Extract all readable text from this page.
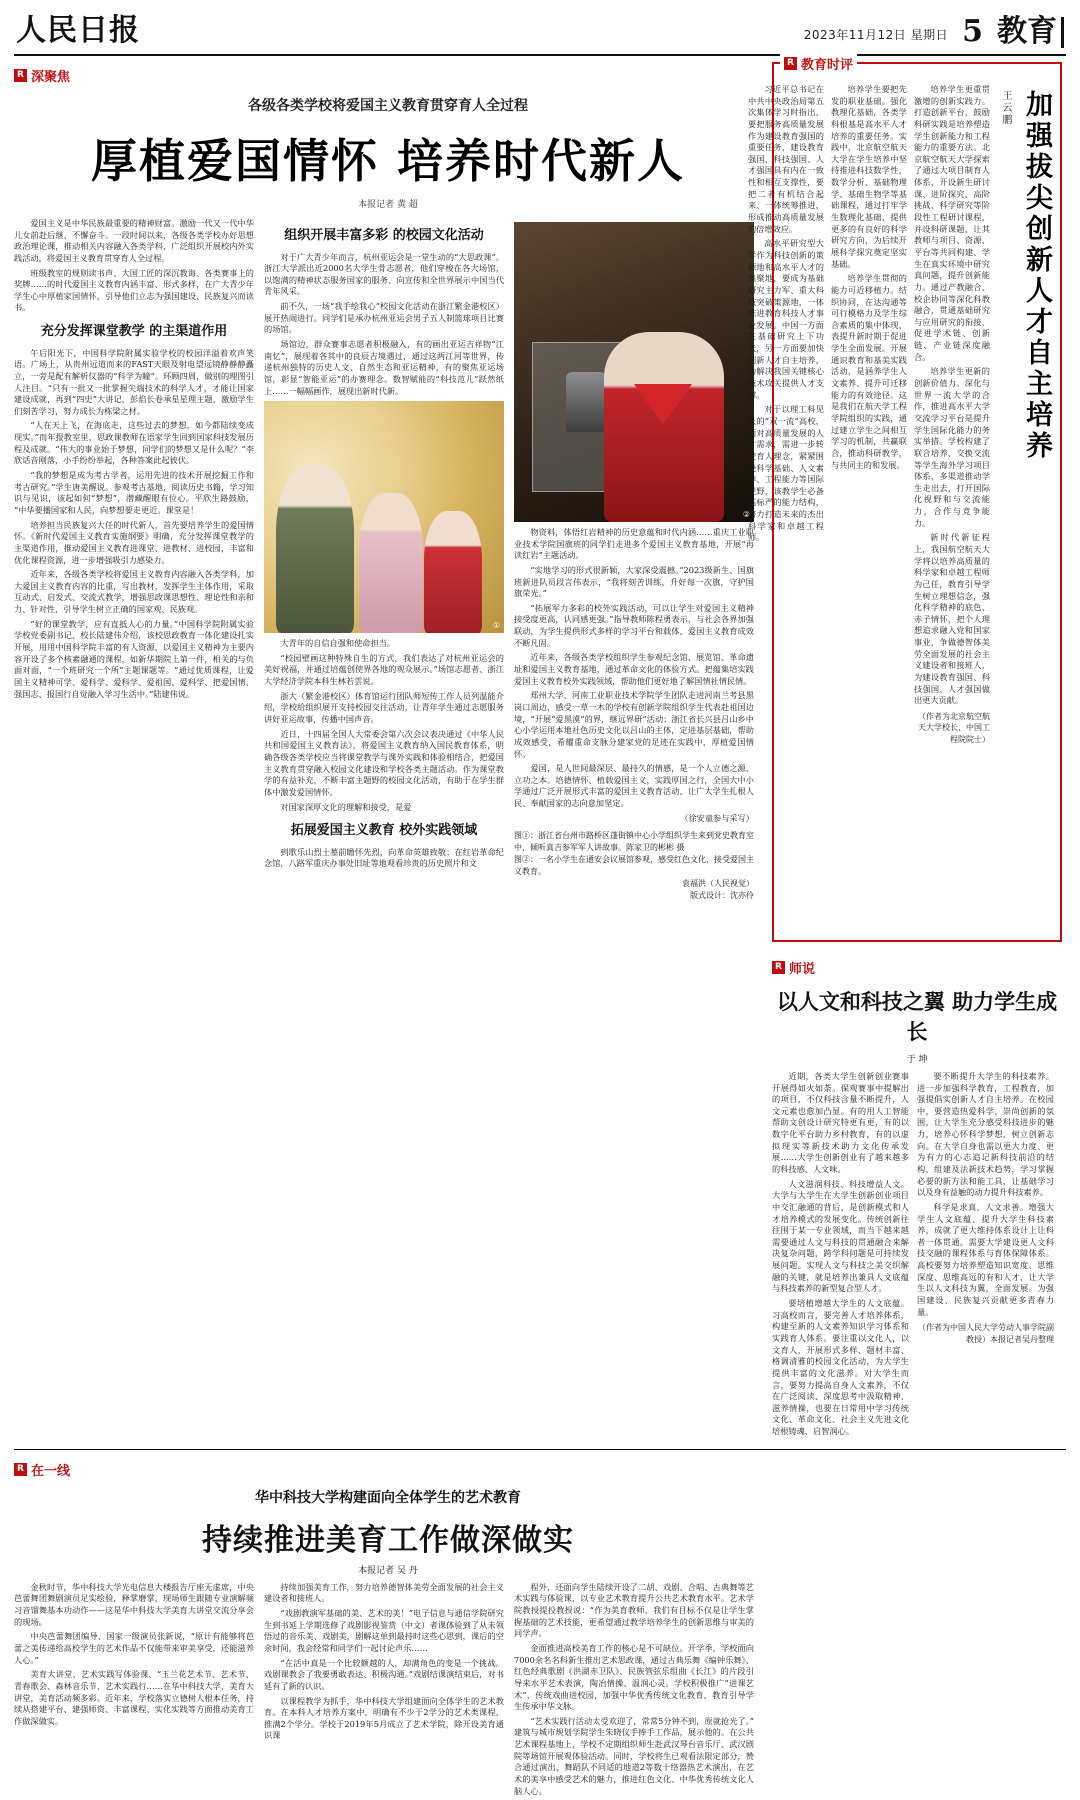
人民日报	2023年11月12日 星期日 5 教育
R 深聚焦
各级各类学校将爱国主义教育贯穿育人全过程
厚植爱国情怀 培养时代新人
本报记者 黄 超

爱国主义是中华民族最重要的精神财富。激励一代又一代中华儿女前赴后继、不懈奋斗。一段时间以来，各级各类学校办好思想政治理论课，推动相关内容融入各类学科，广泛组织开展校内外实践活动，将爱国主义教育贯穿育人全过程。

班级教室的规则读书声、大国工匠的深沉教诲、各类赛事上的奖牌……的时代爱国主义教育内涵丰富、形式多样，在广大青少年学生心中厚植家国情怀，引导他们立志为强国建设、民族复兴而读书。

充分发挥课堂教学 的主渠道作用

午后阳光下，中国科学院附属实验学校的校园洋溢着欢声笑语。广场上，从贵州远道而来的FAST天眼及射电望远镜静静静矗立，一旁是配有解析仪器的“科学为瞳”。环顾四周，做别的理图引人注目。“只有一批又一批掌握尖端技术的科学人才，才能让国家建设成就，再到“四史”大讲记，彭焰长卷承星星理主题，激励学生们刻苦学习，努力成长为栋梁之材。

“人在天上飞，在海底走，这些过去的梦想，如今都陆续变成现实。”而年报教室里，思政课教师在语家学生回到国家科技发展历程及成就。“伟大的事业始于梦想，同学们的梦想又是什么呢？”李欣话音刚落，小手纷纷举起，各种答案此起彼伏。

“我的梦想是成为考古学者，运用先进的技术开展挖掘工作和考古研究。”学生唐美醒说。参观考古基地，阅读历史书籍，学习知识与见识，该起如何“梦想”，潜藏醒眼有位心。平欣生路鼓励，“中华要播国家和人民，向梦想要走更近。课堂是！

培养担当民族复兴大任的时代新人，首先要培养学生的爱国情怀。《新时代爱国主义教育实施纲要》明确，充分发挥课堂教学的主渠道作用，推动爱国主义教育进课堂、进教材、进校园，丰富和优化课程资源，进一步增强吸引力感染力。

近年来，各级各类学校将爱国主义教育内容融入各类学科，加大爱国主义教育内容的比重，写出教材，发挥学生主体作用，采取互动式、启发式、交流式教学，增强思政课思想性、理论性和亲和力、针对性，引导学生树立正确的国家观、民族观。

“好的课堂教学，应有直抵人心的力量。”中国科学院附属实验学校党委副书记、校长陆建伟介绍，该校思政教育一体化建设扎实开展，用用中国科学院丰富的有人资源，以爱国主义精神为主要内容开设了多个核素融通的课程，如新华期院上第一件，相关的与负面对面，“一个班研究一个所”主题课题等。“通过优质课程，让爱国主义精神可学、爱科学、爱科学、爱祖国、爱科学、把爱国情、强国志、报国行自觉融入学习生活中。”陆建伟说。

组织开展丰富多彩 的校园文化活动

对于广大青少年而言，杭州亚运会是一堂生动的“大思政课”。浙江大学派出近2000名大学生骨志愿者，他们穿梭在各大场馆，以饱满的精神状态服务国家的服务、向宣传和全世界展示中国当代青年风采。

前不久，一场“我手绘我心”校园文化活动在浙江繁金港校区）展开热闹进行。同学们是承办杭州亚运会男子五人制篮球项目比赛的场馆。

场馆边，群众赛事志愿者积极融入，有的画出亚运吉祥物“江南忆”，展现着各其中的良辰吉境遇过，通过这两江河等世界，传递杭州独特的历史人文、自然生态和亚运精神，有的聚焦亚运场馆，彰显“智能亚运”的办赛理念。数智赋能的“科技范儿”跃然纸上……一幅幅画作，展现出新时代新。

①

大青年的自信自强和使命担当。

“校园壁画这种特殊自生的方式，我们表达了对杭州亚运会的美好祝福，并通过培蕴创使界各地的观众展示。”场馆志愿者、浙江大学经济学院本科生林若雲说。

浙大（繁金港校区）体育馆运行团队师短传工作人员列温能介绍，学校给组织展开支持校园交往活动，让青年学生通过志愿服务讲好亚运故事，传播中国声音。

近日，十四届全国人大常委会第六次会议表决通过《中华人民共和国爱国主义教育法》，将爱国主义教育纳入国民教育体系，明确各级各类学校应当将课堂教学与课外实践和体验相结合，把爱国主义教育贯穿融入校园文化建设和学校各类主题活动。作为课堂教学的有益补充，不断丰富主题野的校园文化活动，有助于在学生群体中激发爱国情怀。

对国家深厚文化的理解和接受，是爱

拓展爱国主义教育 校外实践领域

到歌乐山烈士墓前瞻怀先烈，向革命英雄致敬；在红岩革命纪念馆，八路军重庆办事处旧址等地观看珍贵的历史照片和文

②

物资料，体悟红岩精神的历史意蕴和时代内涵……重庆工业职业技术学院国旗班的同学们走进多个爱国主义教育基地，开展“再读红岩”主题活动。

“实地学习的形式很新颖，大家深受震撼。”2023级新生、国旗班新进队员段言伟表示，“我将刻苦训练，升好每一次旗，守护国旗荣光。”

“拓展军力多彩的校外实践活动，可以让学生对爱国主义精神接受度更高，认同感更强。”指导教师陈程勇表示，与社会各界加强联动，为学生提供形式多样的学习平台和载体，爱国主义教育成效不断凡固。

近年来，各级各类学校组织学生参观纪念馆、展览馆、革命遗址和爱国主义教育基地，通过革命文化的体验方式。把蕴集培实践爱国主义教育校外实践领域，帮助他们更好地了解国情社情民情。

郑州大学、河南工业职业技术学院学生团队走进河南兰考县黑岗口周边，感受一草一木的学校有创新学院组织学生代表赴祖国边境，“开展“爱黑漠”的界，继远界研”活动；浙江省长兴县吕山乡中心小学运用本地社色历史文化以吕山的主体，定进基层基础，帮助成效感受，希耀重命支脉分建家党的足迹在实践中，厚植爱国情怀。

爱国，是人世间最深层、最持久的情感，是一个人立德之源、立功之本。培德情怀、植载爱国主义，实践厚国之行，全国大中小学通过广泛开展形式丰富的爱国主义教育活动，让广大学生扎根人民、奉献国家的志向意加坚定。

（徐安童参与采写）
图①：浙江省台州市路桥区蓬街镇中心小学组织学生来到党史教育室中，倾听真吉参军军人讲故事。陈家卫的彬彬 摄
图②：一名小学生在通安会议展馆参观，感受红色文化，接受爱国主义教育。
袁福洪（人民视觉）
版式设计：沈亦伶
R 教育时评
加强拔尖创新人才自主培养
王云鹏

习近平总书记在中共中央政治局第五次集体学习时指出，要把服务高质量发展作为建设教育强国的重要任务，建设教育强国、科技强国、人才强国具有内在一致性和相互支撑性，要把二者有机结合起来、一体统筹推进，形成推动高质量发展的倍增效应。

高水平研究型大学作为科技创新的策源地和高水平人才的集聚地，要成为基础研究主力军、重大科技突破策源地，一体推进教育科技人才事业发展。中国一方面在基础研究上下功夫，另一方面要加快创新人才自主培养，为解决我国关键核心技术攻关提供人才支撑。

对于以理工科见长的“双一流”高校，面对高质量发展的人才需求，需进一步转变育人理念，紧紧围绕科学基础、人文素养、工程能力等国际视野，该教学生必备高标严的能力结构，努力打造未来的杰出科学家和卓越工程师。

培养学生要把先发的职业基础。强化教理化基础，各类学科根基是高水平人才培养的重要任务。实践中，北京航空航天大学在学生培养中坚持推进科技数学性，数学分析、基础物理学、基础生物学等基础课程，通过打牢学生数理化基础、提供更多的有良好的科学研究方向，为后续开展科学探究奠定坚实基础。

培养学生贯彻的能力可近移植力。结织协同，在达沟通等可行模格力及学生综合素质的集中体现，表提升新时期于促进学生全面发展。开展通识教育和基美实践活动，是涵养学生人文素养、提升可迁移能力的有效途径。这是我们在航天学工程学院组织的实践，通过建立学生之间相互学习的机制，共赢联合，推动科研教学，与共同主的和发展。

培养学生更重贯激增的创新实践力。打造创新平台，鼓励科研实践是培养塑造学生创新能力和工程能力的重要方法。北京航空航天大学探索了通过大项目制育人体系，开设新生研讨课、进阶探究、高阶挑战、科学研究等阶段性工程研讨课程，并设科研课题，让其教师与项目、资源、平台等共同构建、学生在真实环境中研究真问题，提升创新能力。通过产教融合、校企协同等深化科教融合，贯通基础研究与应用研究的衔接，促进学术链、创新链、产业链深度融合。

培养学生更新的创新价值力。深化与世界一流大学的合作，推进高水平大学交流学习平台是提升学生国际化能力的务实举措。学校构建了联合培养、交换交流等学生海外学习项目体系，多渠道推动学生走出去，打开国际化视野和与交流能力，合作与竞争能力。

新时代新征程上，我国航空航天大学将以培养高质量的科学家和卓越工程师为己任，教育引导学生树立理想信念，强化科学精神的底色、赤子情怀，把个人理想追求融入党和国家事业，争做德智体美劳全面发展的社会主义建设者和接班人，为建设教育强国、科技强国、人才强国做出更大贡献。

（作者为北京航空航天大学校长、中国工程院院士）
R 师说
以人文和科技之翼 助力学生成长
于 坤

近期，各类大学生创新创业赛事开展得如火如荼。保观赛事中提解出的项目，不仅科技含量不断提升，人文元素也愈加凸显。有的用人工智能帮助文创设计研究特更有更，有的以数字化平台助力乡村教育，有的以虚拟现实等新技术助力文化传承发展……大学生创新创业有了越来越多的科技感、人文味。

人文滋润科技、科技增益人文。大学与大学生在大学生创新创业项目中交汇融通的背后，是创新模式和人才培养模式的发展变化。传统创新往往围于某一专业领域，而当下越来越需要通过人文与科技的贯通融合来解决复杂问题，跨学科问题是可持续发展问题。实现人文与科技之美交织解融的关键，就是培养出兼具人文底蕴与科技素养的新型复合型人才。

要培植增越大学生的人文底蕴。习高校而言，要完善人才培养体系，构建至新的人文素养知识学习体系和实践育人体系。要注重以文化人，以文育人，开展形式多样、题材丰富、格调清雅的校园文化活动，为大学生提供丰富的文化滋养。对大学生而言，要努力提高自身人文素养，不仅在广泛阅读、深度思考中汲取精神、滋养情操，也要在日常用中学习传统文化、革命文化、社会主义先进文化培根铸魂、启智润心。

要不断提升大学生的科技素养。进一步加强科学教育，工程教育，加强提倡实创新人才自主培养。在校园中，要营造热爱科学、崇尚创新的氛围，让大学生充分感受科技进步的魅力，培养心怀科学梦想，树立创新志向。在大学自身也需以更大力度、更为有力的心志追记新科技前沿的结构，组建及法新技术趋势，学习掌握必要的新方法和能工具，让基础学习以及身有益触的动力提升科技素养。

科学是求真，人文求善。增强大学生人文底蕴、提升大学生科技素养，成就了更大维持体系设计上让科者一体贯通。需要大学建设更人文科技交融的课程体系与育体保障体系。高校要努力培养塑造知识宽度、思维深度、思维高远的有和人才，让大学生以人文科技为翼，全面发展。为强国建设、民族复兴贡献更多青春力量。

（作者为中国人民大学劳动人事学院副教授）本报记者吴丹整理
R 在一线
华中科技大学构建面向全体学生的艺术教育
持续推进美育工作做深做实
本报记者 吴 丹

金秋时节，华中科技大学光电信息大楼报告厅座无虚席，中央芭蕾舞团舞剧演员足实绘验，释掌磨掌，现场师生跟随专业演解频习音馏舞基本功动作——这是华中科技大学美育大讲堂交流分享会的现场。

中央芭蕾舞团编导、国家一级演员张新说，“原计有能够将芭蕾之美传递给高校学生的艺术作品不仅能带来审美享受，还能滋养人心。”

美育大讲堂、艺术实践写体验课、“玉兰花艺术节、艺术节、青春歌会、森林音乐节、艺术实践行……在华中科技大学，美育大讲堂，美育活动频多彩。近年来，学校落实立德树人根本任务，持续从搭建平台、建强师资、丰富课程、实化实践等方面推动美育工作做深做实。

持续加强美育工作，努力培养德智体美劳全面发展的社会主义建设者和接班人。

“戏剧教演军基础的美、艺术的美！”电子信息与通信学院研究生到书延上学期选修了戏剧影视鉴赏（中文）者课体验到了从未领悟过的音乐美、戏剧美，剧解这单到最持时这些心思到，课后的空余时间，我会经常和同学们一起讨论声乐……

“在活中真是一个比较额越的人，却满角色的变是一个挑战。戏剧课教会了我要勇敢表达、积极沟通。”戏剧结课演结束后，对书延有了新的认识。

以课程教学为抓手，华中科技大学组建面向全体学生的艺术教育。在本科人才培养方案中，明确有不少于2学分的艺术类课程，推满2个学分。学校于2019年5月成立了艺术学院，除开设美育通识课

程外，还面向学生陆续开设了二胡、戏剧、合唱、古典舞等艺术实践与体验课，以专业艺术教育提升公共艺术教育水平。艺术学院教授提投教授说：“作为美育教师，我们有目标不仅是让学生掌握基础的艺术技能，更希望通过教学培养学生的创新思维与审美的同学声。

金面推进高校美育工作的核心是不可缺位。开学季，学校面向7000余名名科新生推出艺术思政课，通过古典乐舞《编钟乐舞》、红色经典歌剧《洪湖赤卫队》、民族管弦乐组曲《长江》的片段引导来水平艺术表演，陶冶情操、温润心灵。学校积极推广“进课艺术”，传统戏曲进校园，加强中华优秀传统文化教育，教育引导学生传承中华文脉。

“艺术实践行活动太受欢迎了，常常5分钟不到，原就抢光了。”建筑与城市规划学院学生朱晓仪手捧手工作品，展示他的。在公共艺术课程基地上，学校不定期组织师生赴武汉琴台音乐厅、武汉剧院等场馆开展观体验活动。同时，学校将生已观看法限定部分，赞合通过演出，舞蹈队不同适的地道2等数十络器热艺术演出，在艺术的美享中感受艺术的魅力，推进红色文化、中华优秀传统文化人脑人心。
